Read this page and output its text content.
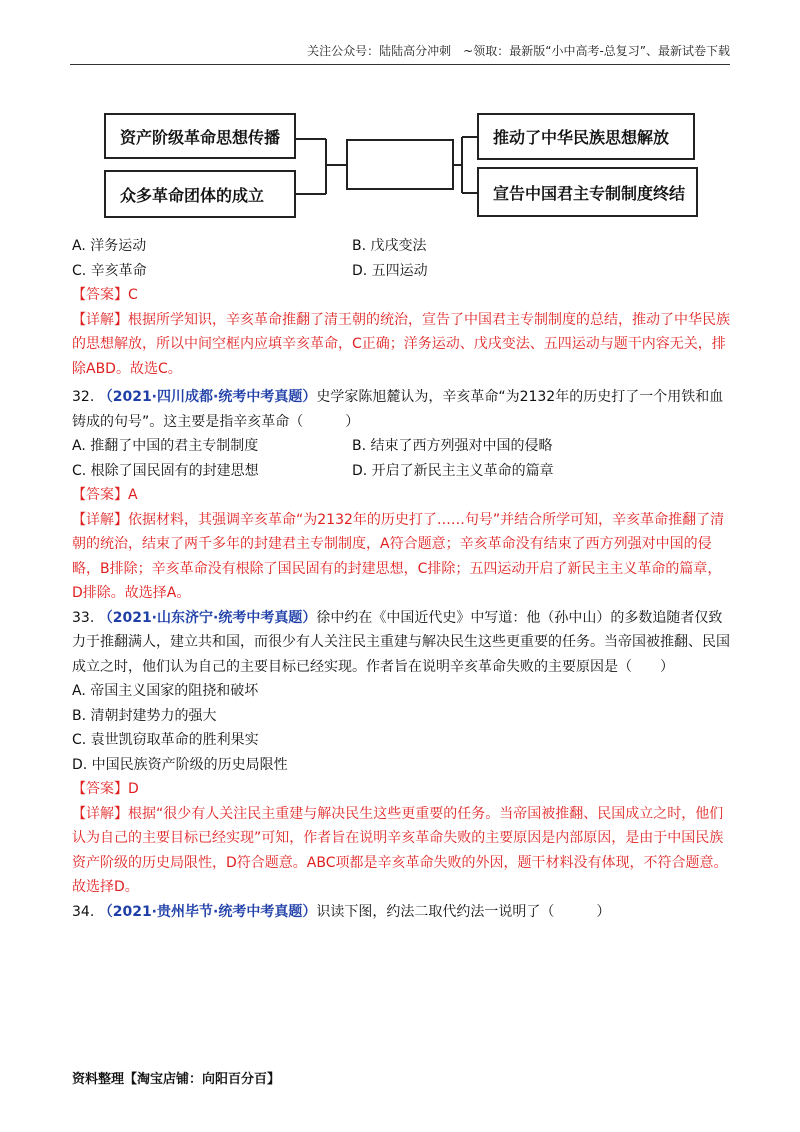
关注公众号：陆陆高分冲刺　~领取：最新版“小中高考-总复习”、最新试卷下载
资产阶级革命思想传播
众多革命团体的成立
推动了中华民族思想解放
宣告中国君主专制制度终结

A. 洋务运动	B. 戊戌变法

C. 辛亥革命	D. 五四运动

【答案】C

【详解】根据所学知识，辛亥革命推翻了清王朝的统治，宣告了中国君主专制制度的总结，推动了中华民族的思想解放，所以中间空框内应填辛亥革命，C正确；洋务运动、戊戌变法、五四运动与题干内容无关，排除ABD。故选C。

32. （2021·四川成都·统考中考真题）史学家陈旭麓认为，辛亥革命“为2132年的历史打了一个用铁和血铸成的句号”。这主要是指辛亥革命（　　　）

A. 推翻了中国的君主专制制度	B. 结束了西方列强对中国的侵略

C. 根除了国民固有的封建思想	D. 开启了新民主主义革命的篇章

【答案】A

【详解】依据材料，其强调辛亥革命“为2132年的历史打了……句号”并结合所学可知，辛亥革命推翻了清朝的统治，结束了两千多年的封建君主专制制度，A符合题意；辛亥革命没有结束了西方列强对中国的侵略，B排除；辛亥革命没有根除了国民固有的封建思想，C排除；五四运动开启了新民主主义革命的篇章，D排除。故选择A。

33. （2021·山东济宁·统考中考真题）徐中约在《中国近代史》中写道：他（孙中山）的多数追随者仅致力于推翻满人，建立共和国，而很少有人关注民主重建与解决民生这些更重要的任务。当帝国被推翻、民国成立之时，他们认为自己的主要目标已经实现。作者旨在说明辛亥革命失败的主要原因是（　　）

A. 帝国主义国家的阻挠和破坏

B. 清朝封建势力的强大

C. 袁世凯窃取革命的胜利果实

D. 中国民族资产阶级的历史局限性

【答案】D

【详解】根据“很少有人关注民主重建与解决民生这些更重要的任务。当帝国被推翻、民国成立之时，他们认为自己的主要目标已经实现”可知，作者旨在说明辛亥革命失败的主要原因是内部原因，是由于中国民族资产阶级的历史局限性，D符合题意。ABC项都是辛亥革命失败的外因，题干材料没有体现，不符合题意。故选择D。

34. （2021·贵州毕节·统考中考真题）识读下图，约法二取代约法一说明了（　　　）

资料整理【淘宝店铺：向阳百分百】
